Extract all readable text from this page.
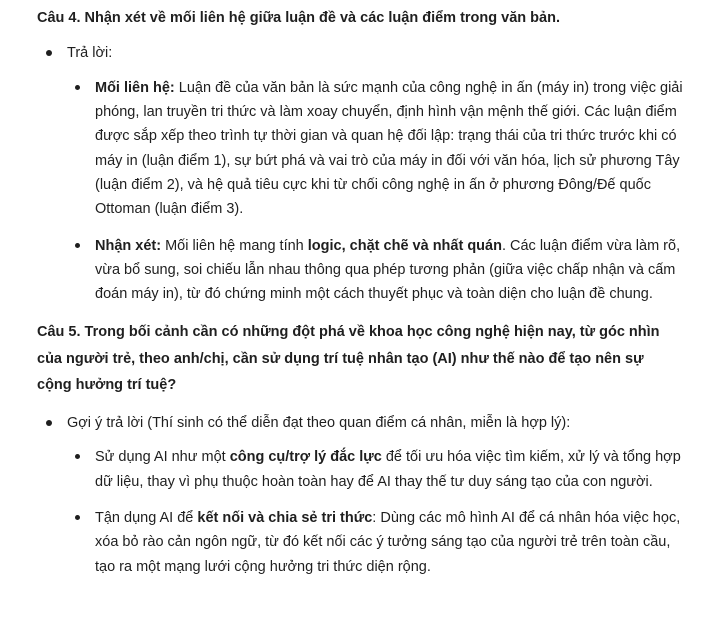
Câu 4. Nhận xét về mối liên hệ giữa luận đề và các luận điểm trong văn bản.
Trả lời:
Mối liên hệ: Luận đề của văn bản là sức mạnh của công nghệ in ấn (máy in) trong việc giải phóng, lan truyền tri thức và làm xoay chuyển, định hình vận mệnh thế giới. Các luận điểm được sắp xếp theo trình tự thời gian và quan hệ đối lập: trạng thái của tri thức trước khi có máy in (luận điểm 1), sự bứt phá và vai trò của máy in đối với văn hóa, lịch sử phương Tây (luận điểm 2), và hệ quả tiêu cực khi từ chối công nghệ in ấn ở phương Đông/Đế quốc Ottoman (luận điểm 3).
Nhận xét: Mối liên hệ mang tính logic, chặt chẽ và nhất quán. Các luận điểm vừa làm rõ, vừa bổ sung, soi chiếu lẫn nhau thông qua phép tương phản (giữa việc chấp nhận và cấm đoán máy in), từ đó chứng minh một cách thuyết phục và toàn diện cho luận đề chung.
Câu 5. Trong bối cảnh cần có những đột phá về khoa học công nghệ hiện nay, từ góc nhìn của người trẻ, theo anh/chị, cần sử dụng trí tuệ nhân tạo (AI) như thế nào để tạo nên sự cộng hưởng trí tuệ?
Gợi ý trả lời (Thí sinh có thể diễn đạt theo quan điểm cá nhân, miễn là hợp lý):
Sử dụng AI như một công cụ/trợ lý đắc lực để tối ưu hóa việc tìm kiếm, xử lý và tổng hợp dữ liệu, thay vì phụ thuộc hoàn toàn hay để AI thay thế tư duy sáng tạo của con người.
Tận dụng AI để kết nối và chia sẻ tri thức: Dùng các mô hình AI để cá nhân hóa việc học, xóa bỏ rào cản ngôn ngữ, từ đó kết nối các ý tưởng sáng tạo của người trẻ trên toàn cầu, tạo ra một mạng lưới cộng hưởng tri thức diện rộng.
